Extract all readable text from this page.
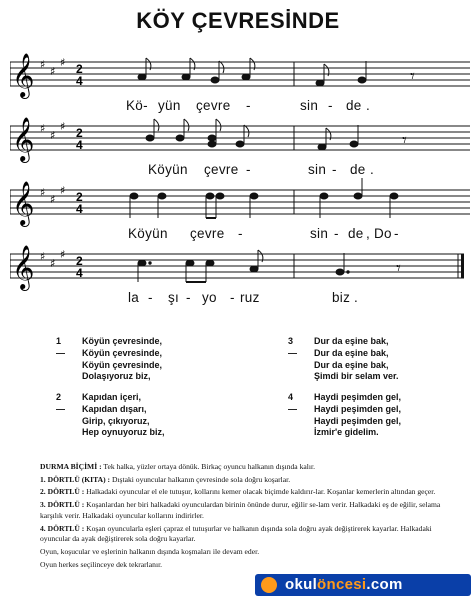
KÖY ÇEVRESİNDE
𝄞 ♯
♯
♯ 2
4	𝄾
Kö- yün çevre -	sin - de .
𝄞 ♯
♯
♯ 2
4	𝄾
Köyün çevre -	sin - de .
𝄞 ♯
♯
♯ 2
4
Köyün çevre -	sin - de , Do -
𝄞 ♯
♯
♯ 2
4	𝄾
la - şı - yo - ruz	biz .
1 —
Köyün çevresinde,
Köyün çevresinde,
Köyün çevresinde,
Dolaşıyoruz biz,
2 —
Kapıdan içeri,
Kapıdan dışarı,
Girip, çıkıyoruz,
Hep oynuyoruz biz,
3 —
Dur da eşine bak,
Dur da eşine bak,
Dur da eşine bak,
Şimdi bir selam ver.
4 —
Haydi peşimden gel,
Haydi peşimden gel,
Haydi peşimden gel,
İzmir'e gidelim.

DURMA BİÇİMİ : Tek halka, yüzler ortaya dönük. Birkaç oyuncu halkanın dışında kalır.

1. DÖRTLÜ (KITA) : Dıştaki oyuncular halkanın çevresinde sola doğru koşarlar.

2. DÖRTLÜ : Halkadaki oyuncular el ele tutuşur, kollarını kemer olacak biçimde kaldırır-lar. Koşanlar kemerlerin altından geçer.

3. DÖRTLÜ : Koşanlardan her biri halkadaki oyunculardan birinin önünde durur, eğilir se-lam verir. Halkadaki eş de eğilir, selama karşılık verir. Halkadaki oyuncular kollarını indirirler.

4. DÖRTLÜ : Koşan oyuncularla eşleri çapraz el tutuşurlar ve halkanın dışında sola doğru ayak değiştirerek kayarlar. Halkadaki oyuncular da ayak değiştirerek sola doğru kayarlar.

Oyun, koşucular ve eşlerinin halkanın dışında koşmaları ile devam eder.

Oyun herkes seçilinceye dek tekrarlanır.

okulöncesi.com
